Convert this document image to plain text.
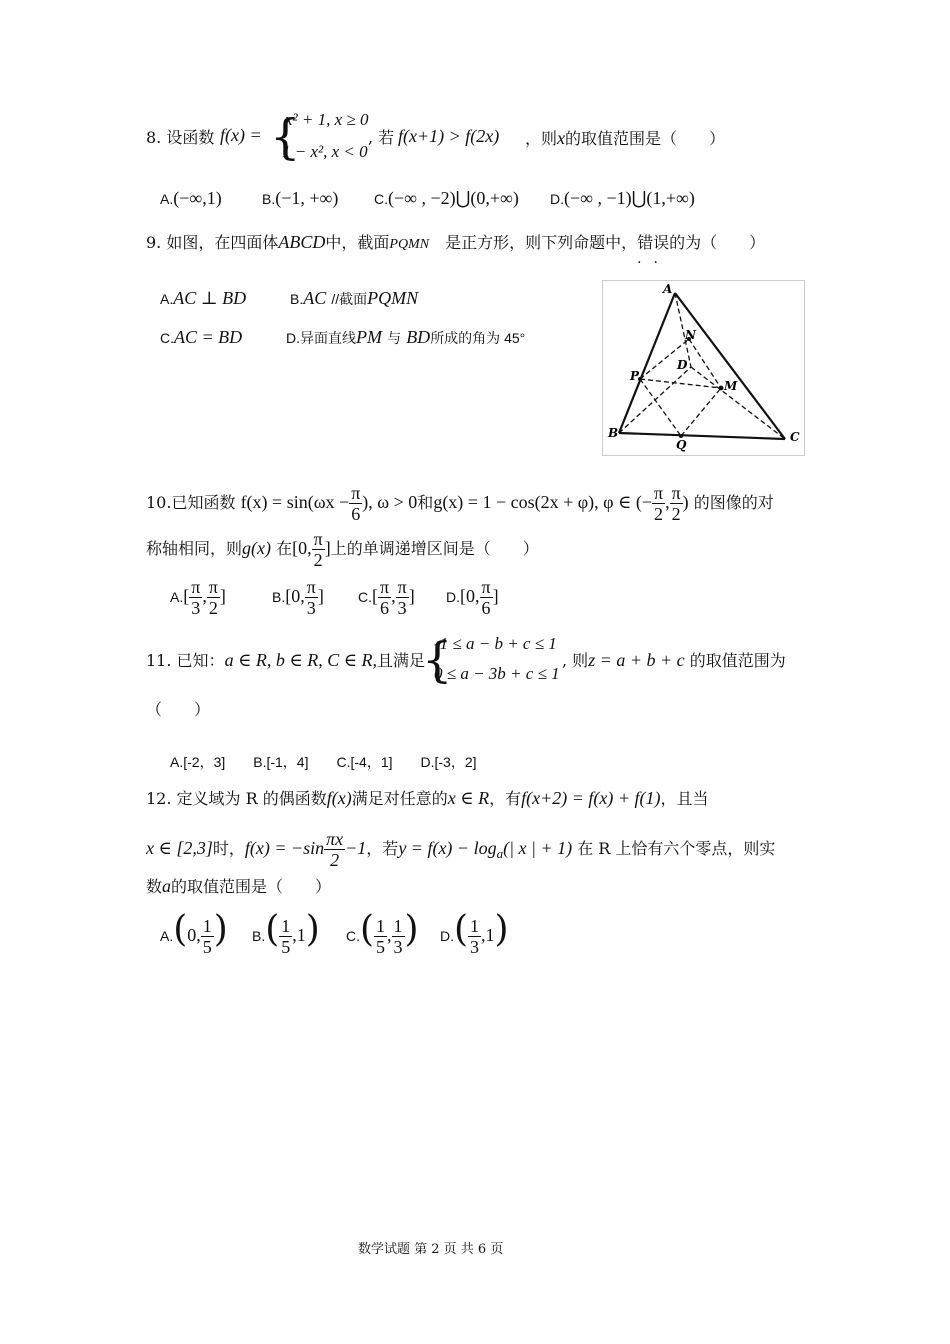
8. 设函数 f(x) = {
x² + 1, x ≥ 0
1 − x², x < 0
, 若 f(x+1) > f(2x) ，则x的取值范围是（　　）
A.(−∞,1)	B.(−1, +∞)	C.(−∞ , −2)⋃(0,+∞) D.(−∞ , −1)⋃(1,+∞)
9. 如图，在四面体ABCD中，截面PQMN　 是正方形，则下列命题中，错误
··
的为（　　）
A.AC ⊥ BD	B.AC //截面PQMN
C.AC = BD	D.异面直线PM 与 BD所成的角为 45°
A
N
D
P
M
B
Q
C
10.已知函数 $f(x) = \sin(\omega x - \frac{\pi}{6}$ ), ω > 0和g(x) = 1 − cos(2x + φ), φ ∈ (− $\frac{\pi}{2}$ , $\frac{\pi}{2}$ ) 的图像的对
称轴相同，则g(x) 在[0, $\frac{\pi}{2}$ ]上的单调递增区间是（　　）
$A.[ \frac{\pi}{3}$ , $\frac{\pi}{2}$ ]	B.[0, $\frac{\pi}{3}$ ] $C.[ \frac{\pi}{6}$ , $\frac{\pi}{3}$ ] D.[0, $\frac{\pi}{6}$ ]
11. 已知：a ∈ R, b ∈ R, C ∈ R,且满足
{
-1 ≤ a − b + c ≤ 1
0 ≤ a − 3b + c ≤ 1
, 则z = a + b + c 的取值范围为
（　　）
A.[-2，3]　　B.[-1，4]　　C.[-4，1]　　D.[-3，2]
12. 定义域为 R 的偶函数f(x)满足对任意的x ∈ R，有f(x+2) = f(x) + f(1)，且当
x ∈ [2,3]时，$f(x) = -\sin \frac{\pi x}{2} -1$，若$y = f(x) - \log_a(|$ x | + 1) 在 R 上恰有六个零点，则实
数a的取值范围是（　　）
A.(0, $\frac{1}{5}$ ) $B.( \frac{1}{5} ,1)$ $C.( \frac{1}{5}$ , $\frac{1}{3}$ ) $D.( \frac{1}{3} ,1)$
数学试题 第 2 页 共 6 页
